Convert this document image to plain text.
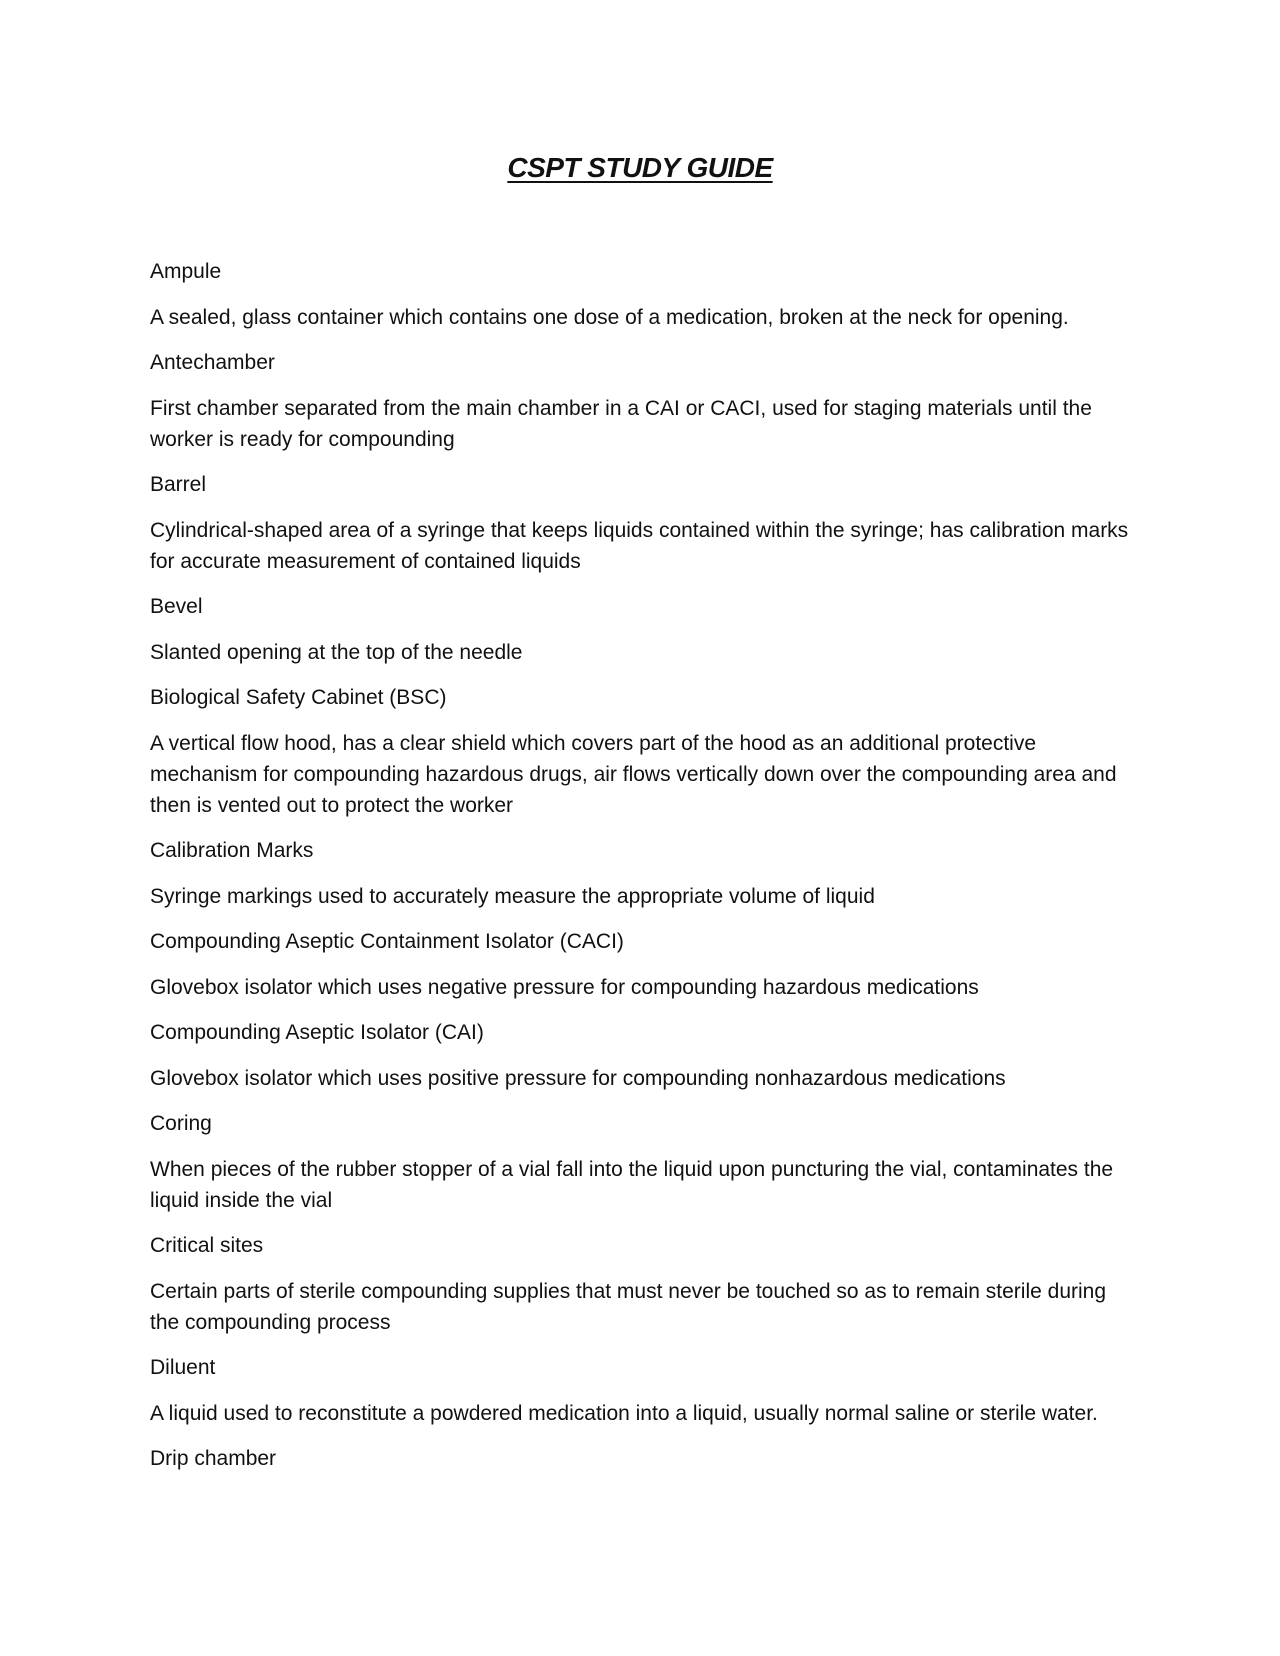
CSPT STUDY GUIDE

Ampule

A sealed, glass container which contains one dose of a medication, broken at the neck for opening.

Antechamber

First chamber separated from the main chamber in a CAI or CACI, used for staging materials until the worker is ready for compounding

Barrel

Cylindrical-shaped area of a syringe that keeps liquids contained within the syringe; has calibration marks for accurate measurement of contained liquids

Bevel

Slanted opening at the top of the needle

Biological Safety Cabinet (BSC)

A vertical flow hood, has a clear shield which covers part of the hood as an additional protective mechanism for compounding hazardous drugs, air flows vertically down over the compounding area and then is vented out to protect the worker

Calibration Marks

Syringe markings used to accurately measure the appropriate volume of liquid

Compounding Aseptic Containment Isolator (CACI)

Glovebox isolator which uses negative pressure for compounding hazardous medications

Compounding Aseptic Isolator (CAI)

Glovebox isolator which uses positive pressure for compounding nonhazardous medications

Coring

When pieces of the rubber stopper of a vial fall into the liquid upon puncturing the vial, contaminates the liquid inside the vial

Critical sites

Certain parts of sterile compounding supplies that must never be touched so as to remain sterile during the compounding process

Diluent

A liquid used to reconstitute a powdered medication into a liquid, usually normal saline or sterile water.

Drip chamber
